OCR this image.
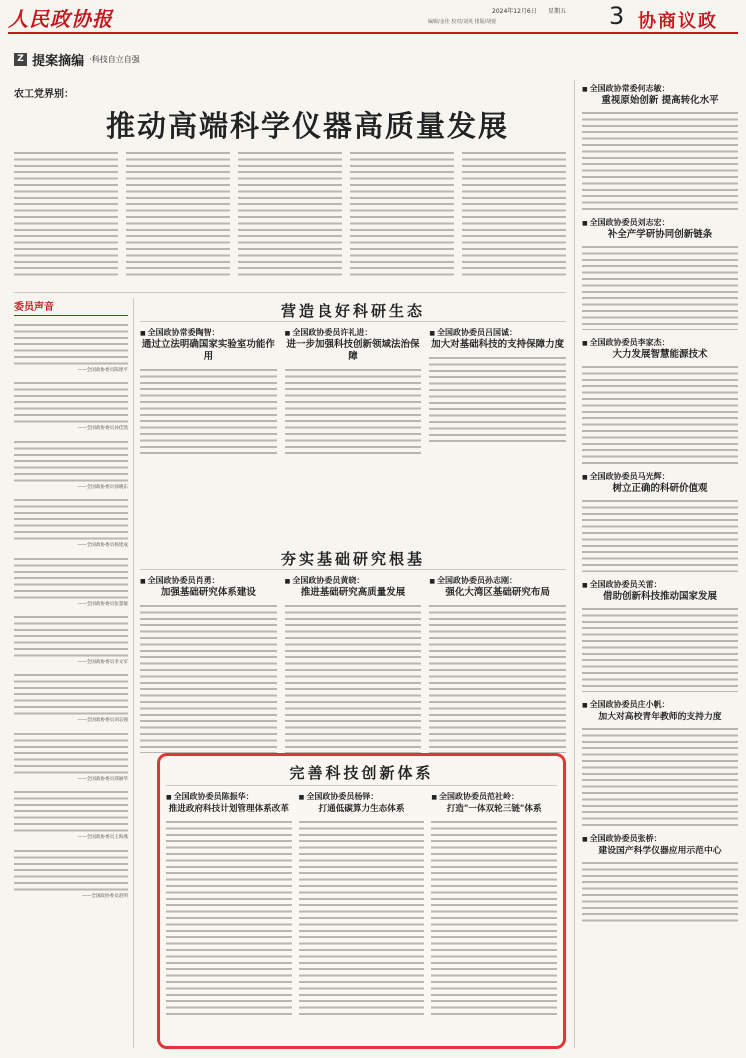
人民政协报	2024年12月6日 星期五
编辑/金佳 校对/刘英 排版/胡悦	3 协商议政
Z 提案摘编 ·科技自立自强
农工党界别：
推动高端科学仪器高质量发展
委员声音
——全国政协委员陈建平
——全国政协委员孙佳凯
——全国政协委员徐晓东
——全国政协委员杨建成
——全国政协委员张慧敏
——全国政协委员李文军
——全国政协委员刘志强
——全国政协委员郑丽华
——全国政协委员王海燕
——全国政协委员赵明
营造良好科研生态
■ 全国政协常委陶智：
通过立法明确国家实验室功能作用
■ 全国政协委员许礼进：
进一步加强科技创新领域法治保障
■ 全国政协委员吕国诚：
加大对基础科技的支持保障力度
夯实基础研究根基
■ 全国政协委员肖勇：
加强基础研究体系建设
■ 全国政协委员黄晓：
推进基础研究高质量发展
■ 全国政协委员孙志刚：
强化大湾区基础研究布局
完善科技创新体系
■ 全国政协委员陈振华：
推进政府科技计划管理体系改革
■ 全国政协委员杨铎：
打通低碳算力生态体系
■ 全国政协委员范社岭：
打造"一体双轮三链"体系
■ 全国政协常委何志敏：
重视原始创新 提高转化水平
■ 全国政协委员刘志宏：
补全产学研协同创新链条
■ 全国政协委员李家杰：
大力发展智慧能源技术
■ 全国政协委员马光辉：
树立正确的科研价值观
■ 全国政协委员关雷：
借助创新科技推动国家发展
■ 全国政协委员庄小帆：
加大对高校青年教师的支持力度
■ 全国政协委员张桥：
建设国产科学仪器应用示范中心
